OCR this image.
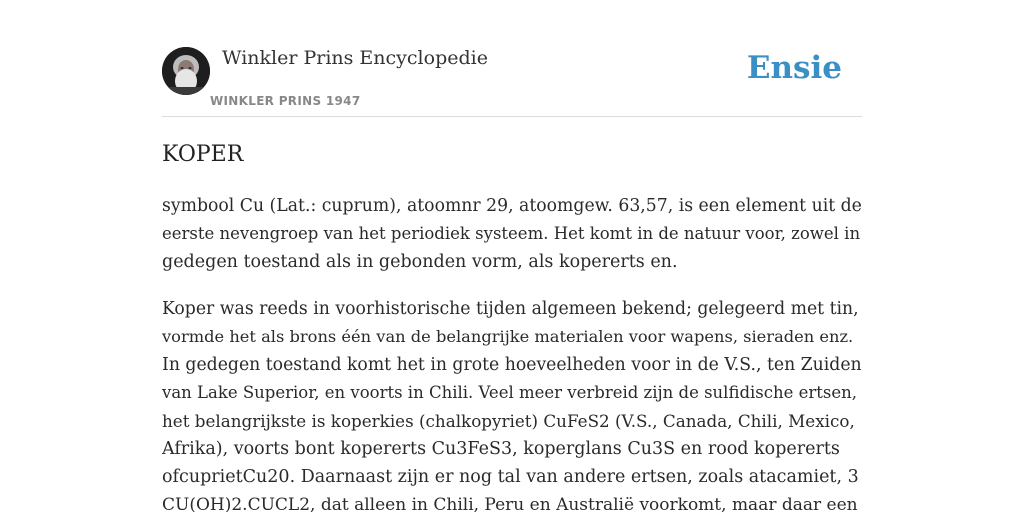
Winkler Prins Encyclopedie
WINKLER PRINS 1947
Ensie
KOPER

symbool Cu (Lat.: cuprum), atoomnr 29, atoomgew. 63,57, is een element uit de
eerste nevengroep van het periodiek systeem. Het komt in de natuur voor, zowel in
gedegen toestand als in gebonden vorm, als kopererts en.

Koper was reeds in voorhistorische tijden algemeen bekend; gelegeerd met tin,
vormde het als brons één van de belangrijke materialen voor wapens, sieraden enz.
In gedegen toestand komt het in grote hoeveelheden voor in de V.S., ten Zuiden
van Lake Superior, en voorts in Chili. Veel meer verbreid zijn de sulfidische ertsen,
het belangrijkste is koperkies (chalkopyriet) CuFeS2 (V.S., Canada, Chili, Mexico,
Afrika), voorts bont kopererts Cu3FeS3, koperglans Cu3S en rood kopererts
ofcuprietCu20. Daarnaast zijn er nog tal van andere ertsen, zoals atacamiet, 3
CU(OH)2.CUCL2, dat alleen in Chili, Peru en Australië voorkomt, maar daar een
